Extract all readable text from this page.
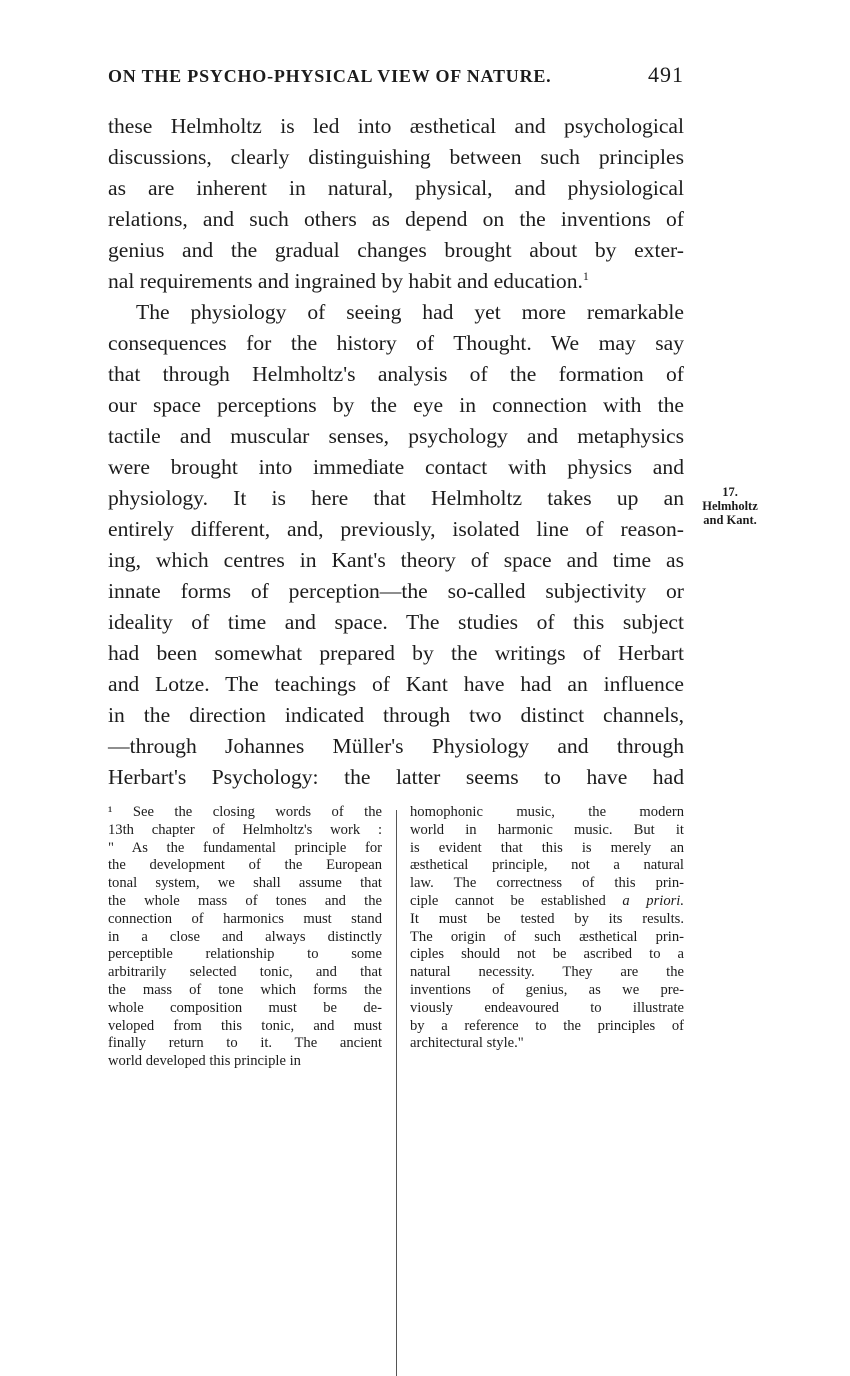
ON THE PSYCHO-PHYSICAL VIEW OF NATURE.	491
these Helmholtz is led into æsthetical and psychological
discussions, clearly distinguishing between such principles
as are inherent in natural, physical, and physiological
relations, and such others as depend on the inventions of
genius and the gradual changes brought about by exter-
nal requirements and ingrained by habit and education.$^1$
The physiology of seeing had yet more remarkable
consequences for the history of Thought. We may say
that through Helmholtz's analysis of the formation of
our space perceptions by the eye in connection with the
tactile and muscular senses, psychology and metaphysics
were brought into immediate contact with physics and
physiology. It is here that Helmholtz takes up an
entirely different, and, previously, isolated line of reason-
ing, which centres in Kant's theory of space and time as
innate forms of perception—the so-called subjectivity or
ideality of time and space. The studies of this subject
had been somewhat prepared by the writings of Herbart
and Lotze. The teachings of Kant have had an influence
in the direction indicated through two distinct channels,
—through Johannes Müller's Physiology and through
Herbart's Psychology: the latter seems to have had
17.
Helmholtz
and Kant.
¹ See the closing words of the
13th chapter of Helmholtz's work :
" As the fundamental principle for
the development of the European
tonal system, we shall assume that
the whole mass of tones and the
connection of harmonics must stand
in a close and always distinctly
perceptible relationship to some
arbitrarily selected tonic, and that
the mass of tone which forms the
whole composition must be de-
veloped from this tonic, and must
finally return to it. The ancient
world developed this principle in
homophonic music, the modern
world in harmonic music. But it
is evident that this is merely an
æsthetical principle, not a natural
law. The correctness of this prin-
ciple cannot be established a priori.
It must be tested by its results.
The origin of such æsthetical prin-
ciples should not be ascribed to a
natural necessity. They are the
inventions of genius, as we pre-
viously endeavoured to illustrate
by a reference to the principles of
architectural style."
